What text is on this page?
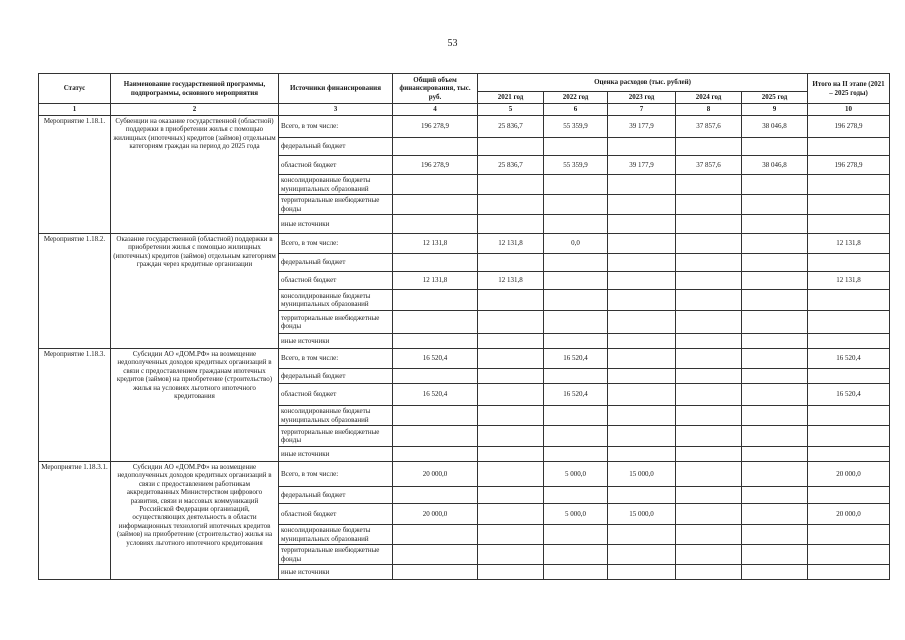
53
Статус	Наименование государственной программы, подпрограммы, основного мероприятия	Источники финансирования	Общий объем финансирования, тыс. руб.	Оценка расходов (тыс. рублей)					Итого на II этапе (2021 – 2025 годы)
				2021 год	2022 год	2023 год	2024 год	2025 год	
1	2	3	4	5	6	7	8	9	10
Мероприятие 1.18.1.	Субвенции на оказание государственной (областной) поддержки в приобретении жилья с помощью жилищных (ипотечных) кредитов (займов) отдельным категориям граждан на период до 2025 года	Всего, в том числе:	196 278,9	25 836,7	55 359,9	39 177,9	37 857,6	38 046,8	196 278,9
		федеральный бюджет							
		областной бюджет	196 278,9	25 836,7	55 359,9	39 177,9	37 857,6	38 046,8	196 278,9
		консолидированные бюджеты муниципальных образований							
		территориальные внебюджетные фонды							
		иные источники							
Мероприятие 1.18.2.	Оказание государственной (областной) поддержки в приобретении жилья с помощью жилищных (ипотечных) кредитов (займов) отдельным категориям граждан через кредитные организации	Всего, в том числе:	12 131,8	12 131,8	0,0				12 131,8
		федеральный бюджет							
		областной бюджет	12 131,8	12 131,8					12 131,8
		консолидированные бюджеты муниципальных образований							
		территориальные внебюджетные фонды							
		иные источники							
Мероприятие 1.18.3.	Субсидии АО «ДОМ.РФ» на возмещение недополученных доходов кредитных организаций в связи с предоставлением гражданам ипотечных кредитов (займов) на приобретение (строительство) жилья на условиях льготного ипотечного кредитования	Всего, в том числе:	16 520,4		16 520,4				16 520,4
		федеральный бюджет							
		областной бюджет	16 520,4		16 520,4				16 520,4
		консолидированные бюджеты муниципальных образований							
		территориальные внебюджетные фонды							
		иные источники							
Мероприятие 1.18.3.1.	Субсидии АО «ДОМ.РФ» на возмещение недополученных доходов кредитных организаций в связи с предоставлением работникам аккредитованных Министерством цифрового развития, связи и массовых коммуникаций Российской Федерации организаций, осуществляющих деятельность в области информационных технологий ипотечных кредитов (займов) на приобретение (строительство) жилья на условиях льготного ипотечного кредитования	Всего, в том числе:	20 000,0		5 000,0	15 000,0			20 000,0
		федеральный бюджет							
		областной бюджет	20 000,0		5 000,0	15 000,0			20 000,0
		консолидированные бюджеты муниципальных образований							
		территориальные внебюджетные фонды							
		иные источники							
